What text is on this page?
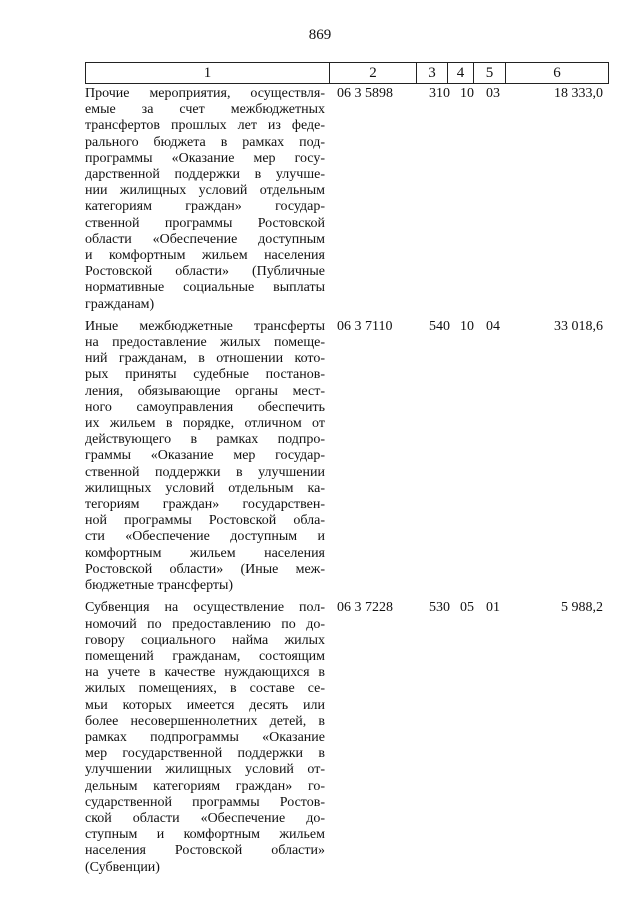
869
1	2	3	4	5	6
Прочие мероприятия, осуществля-
емые за счет межбюджетных
трансфертов прошлых лет из феде-
рального бюджета в рамках под-
программы «Оказание мер госу-
дарственной поддержки в улучше-
нии жилищных условий отдельным
категориям граждан» государ-
ственной программы Ростовской
области «Обеспечение доступным
и комфортным жильем населения
Ростовской области» (Публичные
нормативные социальные выплаты
гражданам)
06 3 5898	310 10 03	18 333,0
Иные межбюджетные трансферты
на предоставление жилых помеще-
ний гражданам, в отношении кото-
рых приняты судебные постанов-
ления, обязывающие органы мест-
ного самоуправления обеспечить
их жильем в порядке, отличном от
действующего в рамках подпро-
граммы «Оказание мер государ-
ственной поддержки в улучшении
жилищных условий отдельным ка-
тегориям граждан» государствен-
ной программы Ростовской обла-
сти «Обеспечение доступным и
комфортным жильем населения
Ростовской области» (Иные меж-
бюджетные трансферты)
06 3 7110	540 10 04	33 018,6
Субвенция на осуществление пол-
номочий по предоставлению по до-
говору социального найма жилых
помещений гражданам, состоящим
на учете в качестве нуждающихся в
жилых помещениях, в составе се-
мьи которых имеется десять или
более несовершеннолетних детей, в
рамках подпрограммы «Оказание
мер государственной поддержки в
улучшении жилищных условий от-
дельным категориям граждан» го-
сударственной программы Ростов-
ской области «Обеспечение до-
ступным и комфортным жильем
населения Ростовской области»
(Субвенции)
06 3 7228	530 05 01	5 988,2
